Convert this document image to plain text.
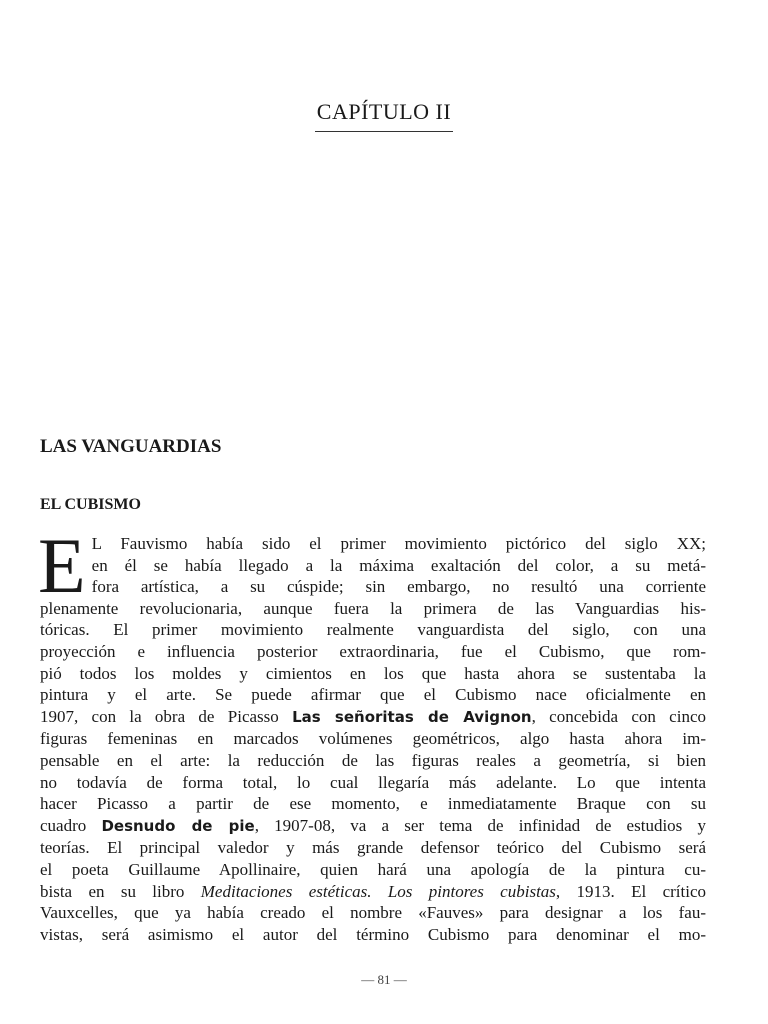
CAPÍTULO II
LAS VANGUARDIAS
EL CUBISMO
E L Fauvismo había sido el primer movimiento pictórico del siglo XX;
en él se había llegado a la máxima exaltación del color, a su metá-
fora artística, a su cúspide; sin embargo, no resultó una corriente
plenamente revolucionaria, aunque fuera la primera de las Vanguardias his-
tóricas. El primer movimiento realmente vanguardista del siglo, con una
proyección e influencia posterior extraordinaria, fue el Cubismo, que rom-
pió todos los moldes y cimientos en los que hasta ahora se sustentaba la
pintura y el arte. Se puede afirmar que el Cubismo nace oficialmente en
1907, con la obra de Picasso Las señoritas de Avignon, concebida con cinco
figuras femeninas en marcados volúmenes geométricos, algo hasta ahora im-
pensable en el arte: la reducción de las figuras reales a geometría, si bien
no todavía de forma total, lo cual llegaría más adelante. Lo que intenta
hacer Picasso a partir de ese momento, e inmediatamente Braque con su
cuadro Desnudo de pie, 1907-08, va a ser tema de infinidad de estudios y
teorías. El principal valedor y más grande defensor teórico del Cubismo será
el poeta Guillaume Apollinaire, quien hará una apología de la pintura cu-
bista en su libro Meditaciones estéticas. Los pintores cubistas, 1913. El crítico
Vauxcelles, que ya había creado el nombre «Fauves» para designar a los fau-
vistas, será asimismo el autor del término Cubismo para denominar el mo-
— 81 —
